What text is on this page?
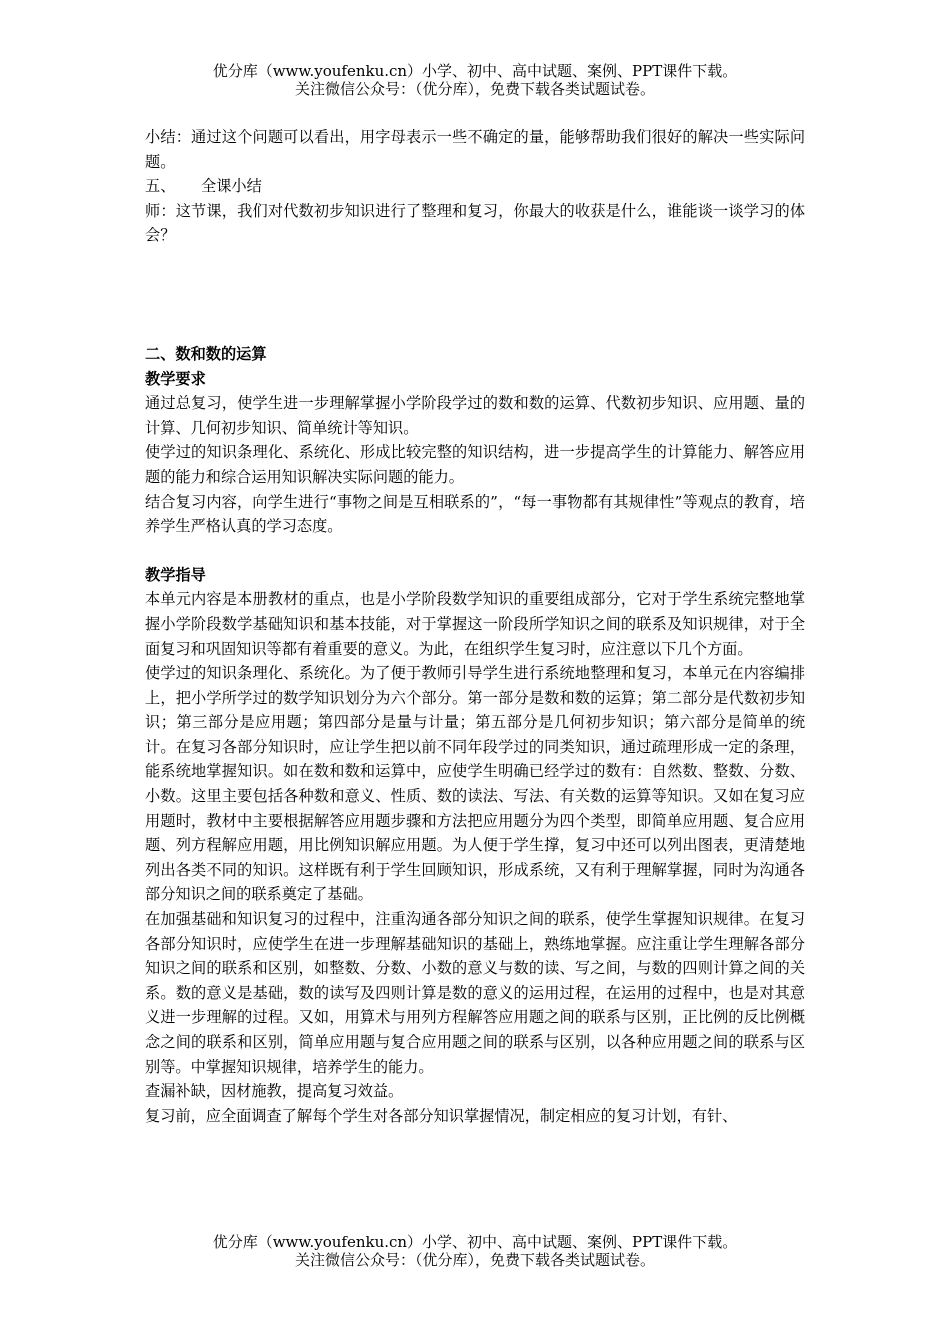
优分库（www.youfenku.cn）小学、初中、高中试题、案例、PPT课件下载。
关注微信公众号：（优分库），免费下载各类试题试卷。

小结：通过这个问题可以看出，用字母表示一些不确定的量，能够帮助我们很好的解决一些实际问题。

五、 全课小结

师：这节课，我们对代数初步知识进行了整理和复习，你最大的收获是什么，谁能谈一谈学习的体会？

二、数和数的运算

教学要求

通过总复习，使学生进一步理解掌握小学阶段学过的数和数的运算、代数初步知识、应用题、量的计算、几何初步知识、简单统计等知识。

使学过的知识条理化、系统化、形成比较完整的知识结构，进一步提高学生的计算能力、解答应用题的能力和综合运用知识解决实际问题的能力。

结合复习内容，向学生进行“事物之间是互相联系的”，“每一事物都有其规律性”等观点的教育，培养学生严格认真的学习态度。

教学指导

本单元内容是本册教材的重点，也是小学阶段数学知识的重要组成部分，它对于学生系统完整地掌握小学阶段数学基础知识和基本技能，对于掌握这一阶段所学知识之间的联系及知识规律，对于全面复习和巩固知识等都有着重要的意义。为此，在组织学生复习时，应注意以下几个方面。

使学过的知识条理化、系统化。为了便于教师引导学生进行系统地整理和复习，本单元在内容编排上，把小学所学过的数学知识划分为六个部分。第一部分是数和数的运算；第二部分是代数初步知识；第三部分是应用题；第四部分是量与计量；第五部分是几何初步知识；第六部分是简单的统计。在复习各部分知识时，应让学生把以前不同年段学过的同类知识，通过疏理形成一定的条理，能系统地掌握知识。如在数和数和运算中，应使学生明确已经学过的数有：自然数、整数、分数、小数。这里主要包括各种数和意义、性质、数的读法、写法、有关数的运算等知识。又如在复习应用题时，教材中主要根据解答应用题步骤和方法把应用题分为四个类型，即简单应用题、复合应用题、列方程解应用题，用比例知识解应用题。为人便于学生撑，复习中还可以列出图表，更清楚地列出各类不同的知识。这样既有利于学生回顾知识，形成系统，又有利于理解掌握，同时为沟通各部分知识之间的联系奠定了基础。

在加强基础和知识复习的过程中，注重沟通各部分知识之间的联系，使学生掌握知识规律。在复习各部分知识时，应使学生在进一步理解基础知识的基础上，熟练地掌握。应注重让学生理解各部分知识之间的联系和区别，如整数、分数、小数的意义与数的读、写之间，与数的四则计算之间的关系。数的意义是基础，数的读写及四则计算是数的意义的运用过程，在运用的过程中，也是对其意义进一步理解的过程。又如，用算术与用列方程解答应用题之间的联系与区别，正比例的反比例概念之间的联系和区别，简单应用题与复合应用题之间的联系与区别，以各种应用题之间的联系与区别等。中掌握知识规律，培养学生的能力。

查漏补缺，因材施教，提高复习效益。

复习前，应全面调查了解每个学生对各部分知识掌握情况，制定相应的复习计划，有针、

优分库（www.youfenku.cn）小学、初中、高中试题、案例、PPT课件下载。
关注微信公众号：（优分库），免费下载各类试题试卷。
